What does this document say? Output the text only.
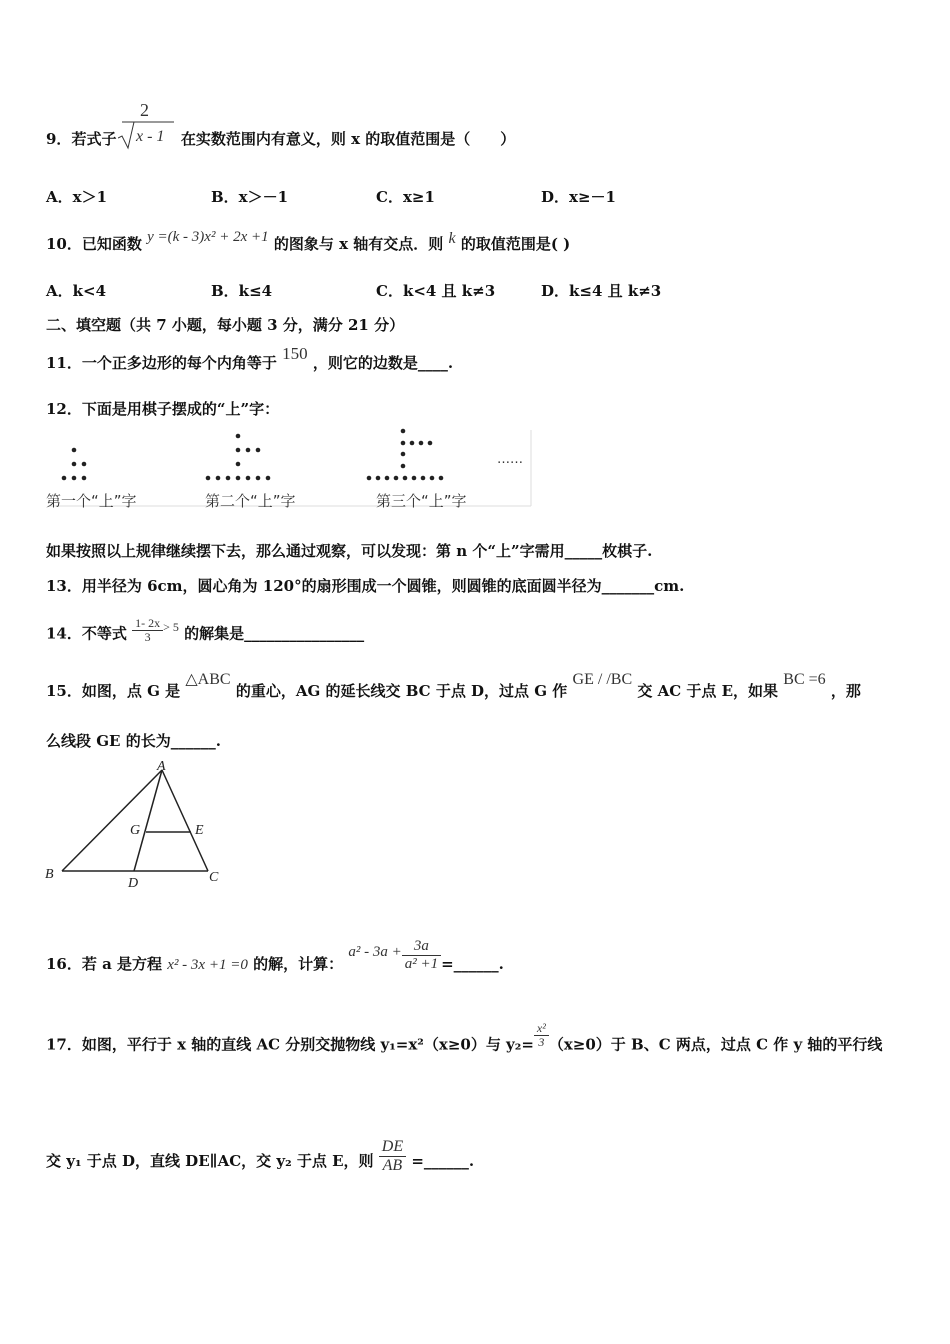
2
9．若式子	在实数范围内有意义，则 x 的取值范围是（　　）
x - 1
A．x＞1	B．x＞－1	C．x≥1	D．x≥－1
10．已知函数 y =(k - 3)x² + 2x +1 的图象与 x 轴有交点．则 k 的取值范围是( )
A．k<4	B．k≤4	C．k<4 且 k≠3	D．k≤4 且 k≠3
二、填空题（共 7 小题，每小题 3 分，满分 21 分）
11．一个正多边形的每个内角等于 150 ，则它的边数是____.
12．下面是用棋子摆成的“上”字：
第一个“上”字	第二个“上”字	第三个“上”字
……
如果按照以上规律继续摆下去，那么通过观察，可以发现：第 n 个“上”字需用_____枚棋子.
13．用半径为 6cm，圆心角为 120°的扇形围成一个圆锥，则圆锥的底面圆半径为_______cm.
14．不等式 $\frac{1- 2x}{3} ^{> 5}$ 的解集是________________
15．如图，点 G 是 △ABC 的重心，AG 的延长线交 BC 于点 D，过点 G 作 GE / /BC 交 AC 于点 E，如果 BC =6 ，那
么线段 GE 的长为______.
A
G	E
B
D	C
16．若 a 是方程 x² - 3x +1 =0 的解，计算： $a^2 - 3a + \frac{3a}{\text{a² +1}}$ =______.
17．如图，平行于 x 轴的直线 AC 分别交抛物线 y₁=x²（x≥0）与 $y_2= \frac{\text{x²}}{3} (x\ge 0)$于 B、C 两点，过点 C 作 y 轴的平行线
交 y₁ 于点 D，直线 DE∥AC，交 y₂ 于点 E，则 $\frac{DE}{AB}$ =______.
